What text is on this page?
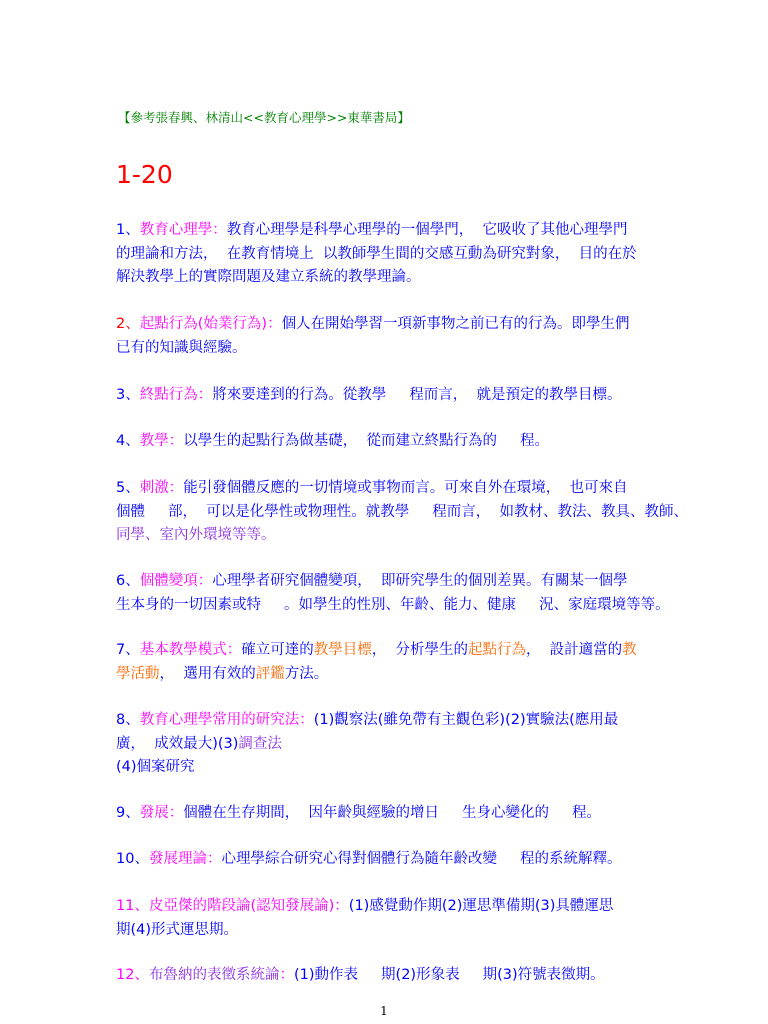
【參考張春興、林清山<<教育心理學>>東華書局】
1-20
1、教育心理學：教育心理學是科學心理學的一個學門，  它吸收了其他心理學門
的理論和方法，  在教育情境上  以教師學生間的交感互動為研究對象，  目的在於
解決教學上的實際問題及建立系統的教學理論。
2、起點行為(始業行為)：個人在開始學習一項新事物之前已有的行為。即學生們
已有的知識與經驗。
3、終點行為：將來要達到的行為。從教學     程而言，  就是預定的教學目標。
4、教學：以學生的起點行為做基礎，  從而建立終點行為的     程。
5、刺激：能引發個體反應的一切情境或事物而言。可來自外在環境，  也可來自
個體     部，  可以是化學性或物理性。就教學     程而言，  如教材、教法、教具、教師、
同學、室內外環境等等。
6、個體變項：心理學者研究個體變項，  即研究學生的個別差異。有關某一個學
生本身的一切因素或特     。如學生的性別、年齡、能力、健康     況、家庭環境等等。
7、基本教學模式：確立可達的教學目標，  分析學生的起點行為，  設計適當的教
學活動，  選用有效的評鑑方法。
8、教育心理學常用的研究法：(1)觀察法(雖免帶有主觀色彩)(2)實驗法(應用最
廣，  成效最大)(3)調查法
(4)個案研究
9、發展：個體在生存期間，  因年齡與經驗的增日     生身心變化的     程。
10、發展理論：心理學綜合研究心得對個體行為隨年齡改變     程的系統解釋。
11、皮亞傑的階段論(認知發展論)：(1)感覺動作期(2)運思準備期(3)具體運思
期(4)形式運思期。
12、布魯納的表徵系統論：(1)動作表     期(2)形象表     期(3)符號表徵期。
1
